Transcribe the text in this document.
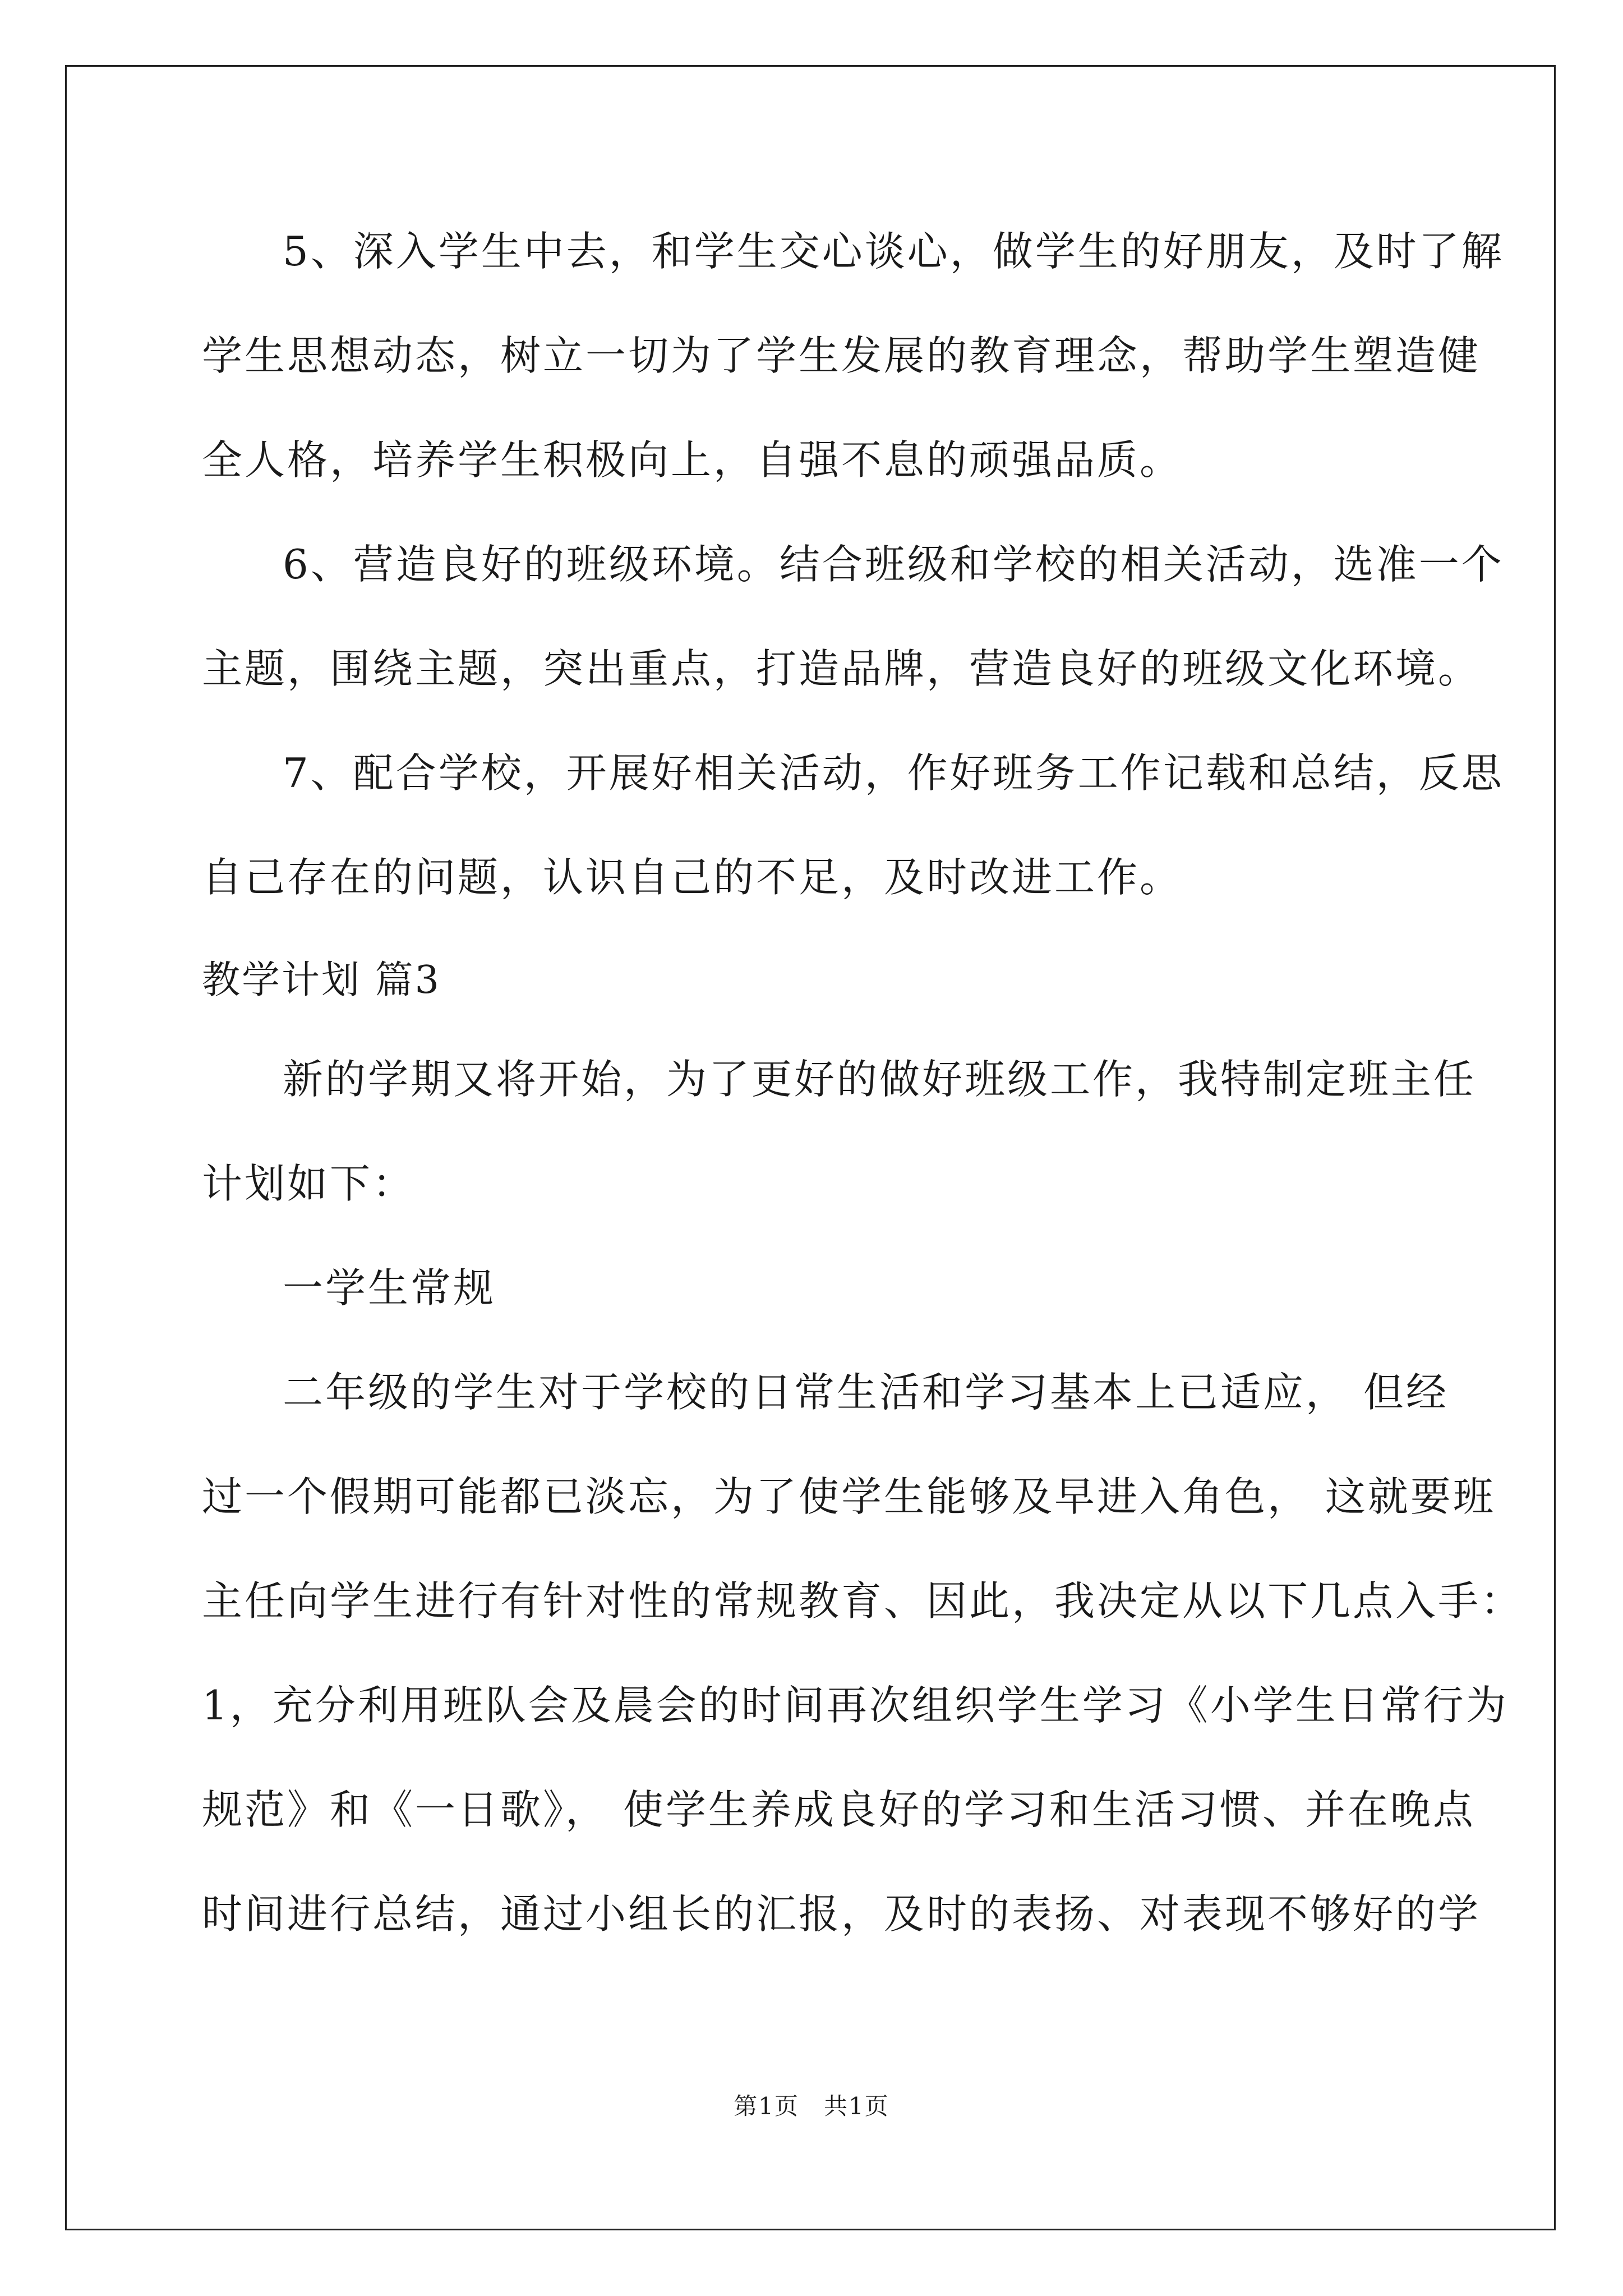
5、深入学生中去，和学生交心谈心，做学生的好朋友，及时了解
学生思想动态，树立一切为了学生发展的教育理念，帮助学生塑造健
全人格，培养学生积极向上，自强不息的顽强品质。
6、营造良好的班级环境。结合班级和学校的相关活动，选准一个
主题，围绕主题，突出重点，打造品牌，营造良好的班级文化环境。
7、配合学校，开展好相关活动，作好班务工作记载和总结，反思
自己存在的问题，认识自己的不足，及时改进工作。
教学计划 篇3
新的学期又将开始，为了更好的做好班级工作，我特制定班主任
计划如下：
一学生常规
二年级的学生对于学校的日常生活和学习基本上已适应， 但经
过一个假期可能都已淡忘，为了使学生能够及早进入角色， 这就要班
主任向学生进行有针对性的常规教育、因此，我决定从以下几点入手：
1，充分利用班队会及晨会的时间再次组织学生学习《小学生日常行为
规范》和《一日歌》， 使学生养成良好的学习和生活习惯、并在晚点
时间进行总结，通过小组长的汇报，及时的表扬、对表现不够好的学
第1页　共1页
